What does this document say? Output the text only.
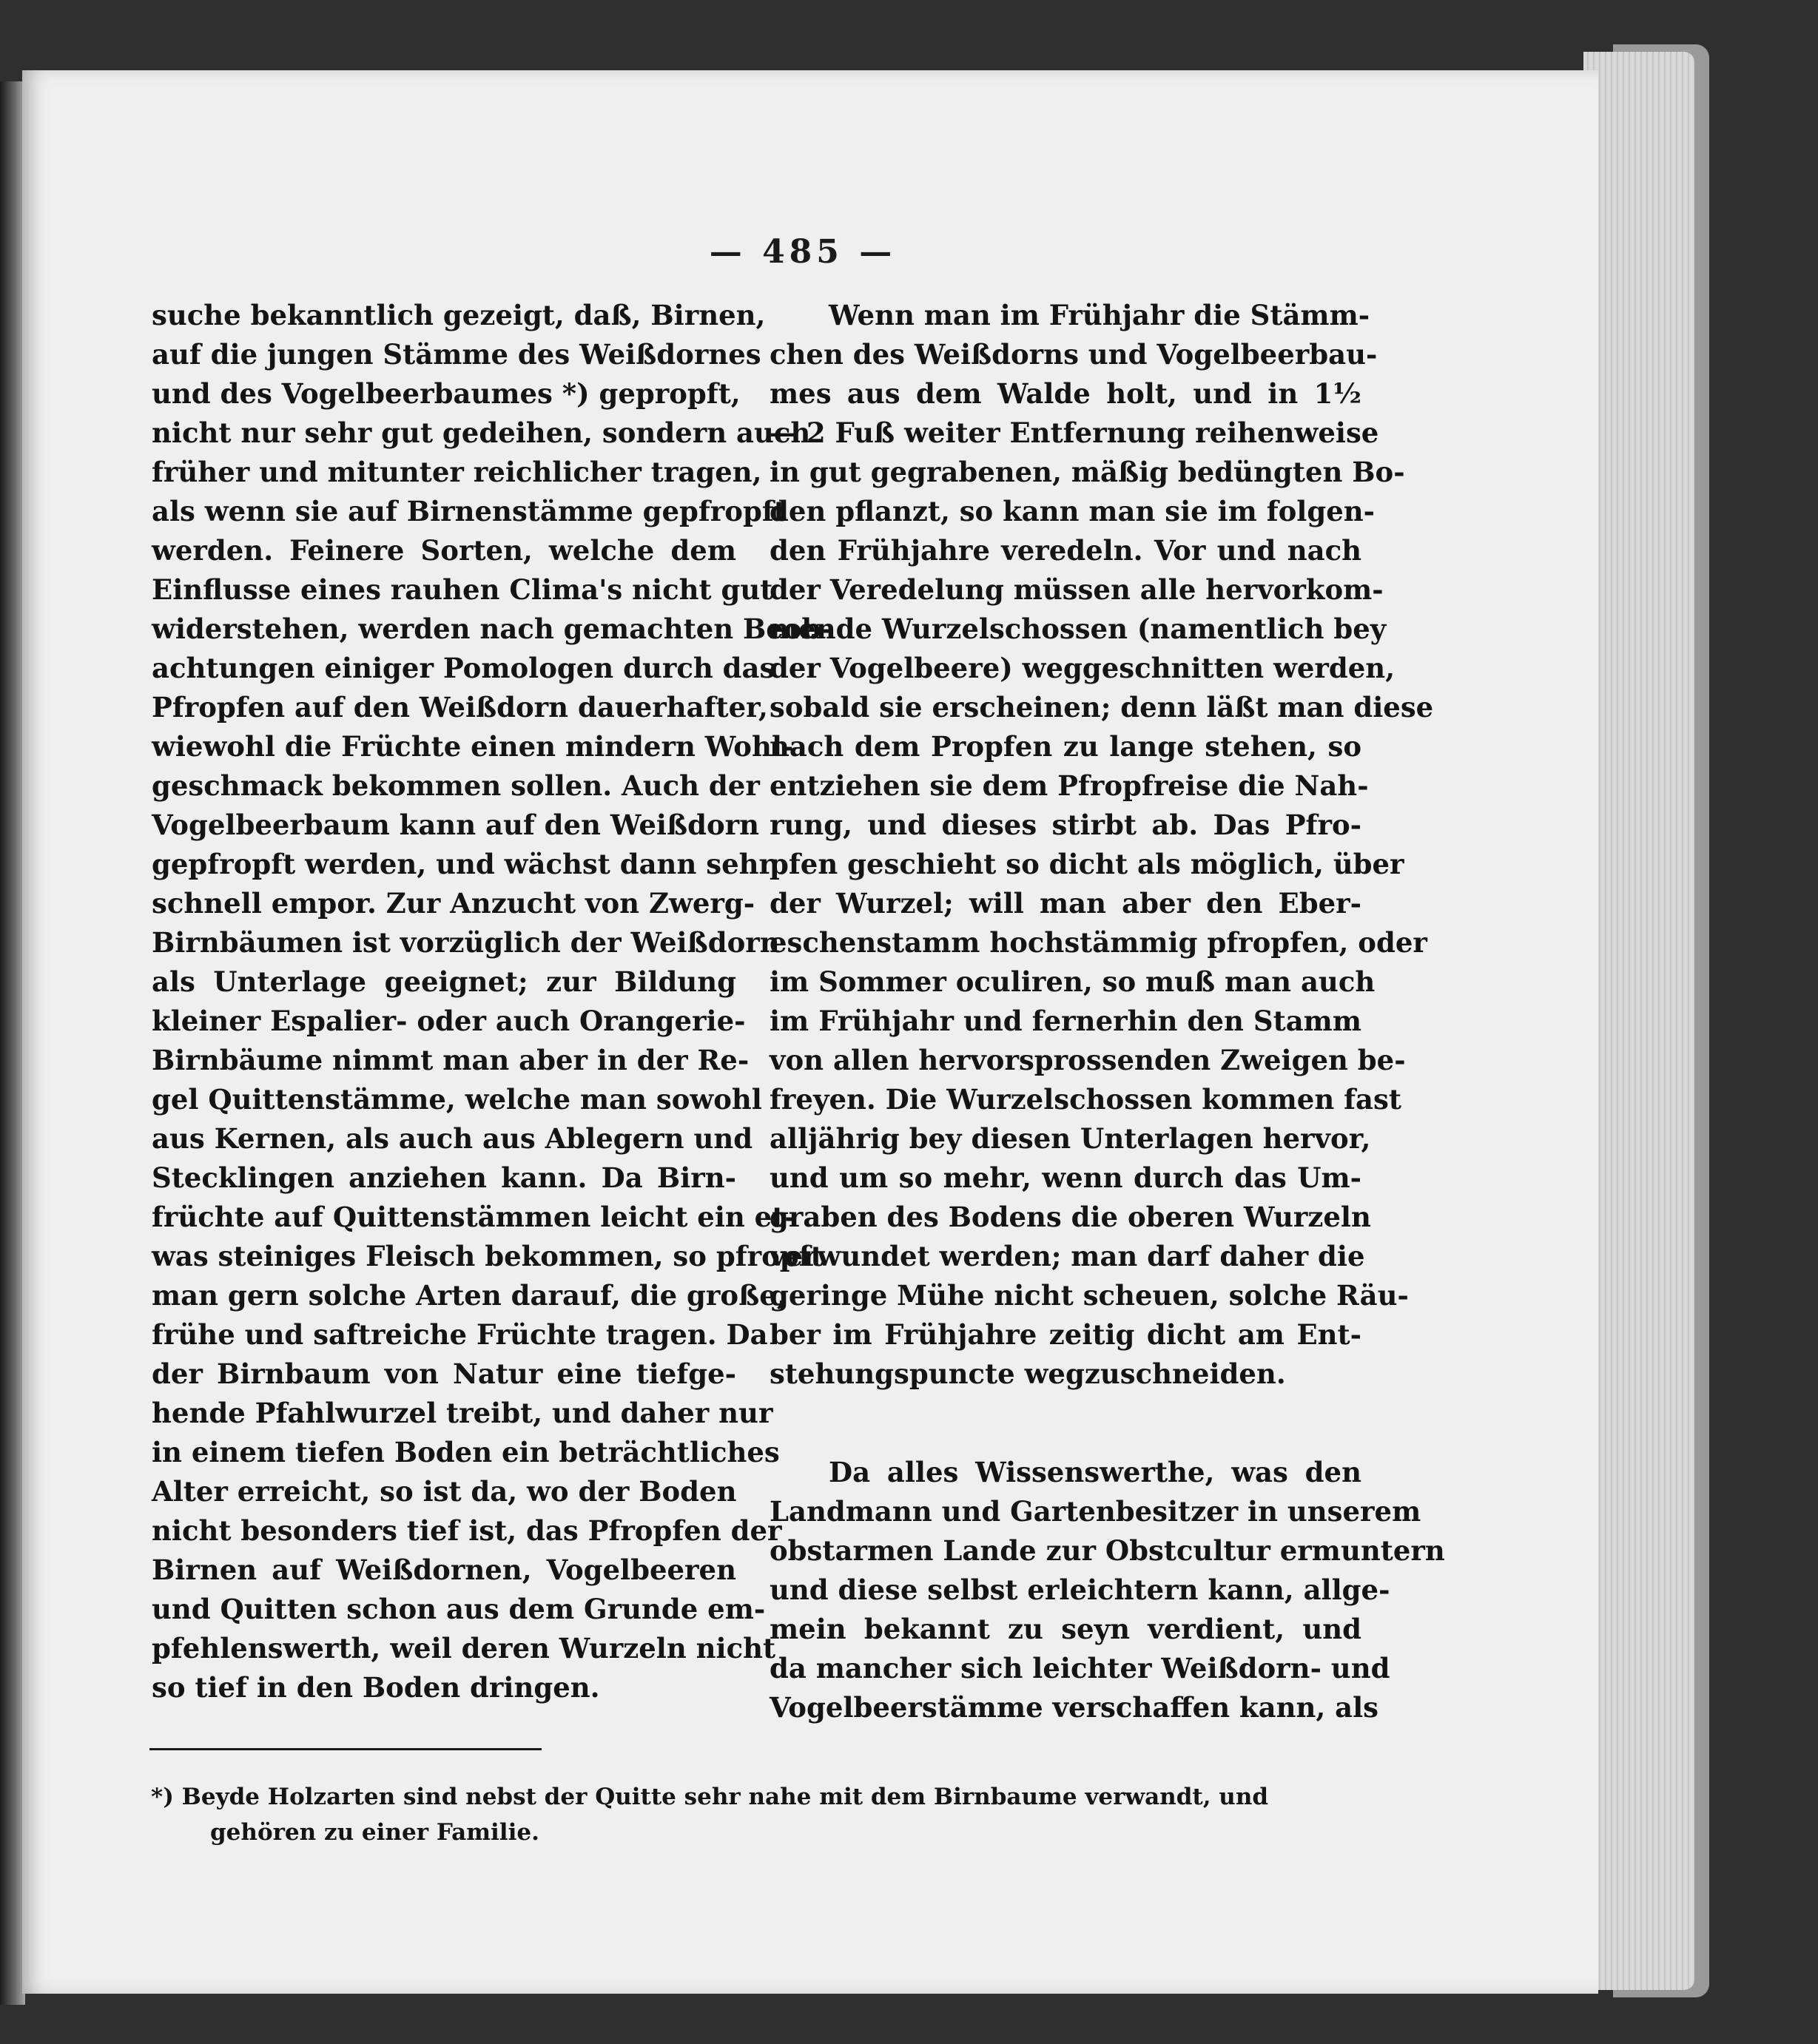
— 485 —
suche bekanntlich gezeigt, daß, Birnen,
auf die jungen Stämme des Weißdornes
und des Vogelbeerbaumes *) gepropft,
nicht nur sehr gut gedeihen, sondern auch
früher und mitunter reichlicher tragen,
als wenn sie auf Birnenstämme gepfropft
werden. Feinere Sorten, welche dem
Einflusse eines rauhen Clima's nicht gut
widerstehen, werden nach gemachten Beob-
achtungen einiger Pomologen durch das
Pfropfen auf den Weißdorn dauerhafter,
wiewohl die Früchte einen mindern Wohl-
geschmack bekommen sollen. Auch der
Vogelbeerbaum kann auf den Weißdorn
gepfropft werden, und wächst dann sehr
schnell empor. Zur Anzucht von Zwerg-
Birnbäumen ist vorzüglich der Weißdorn
als Unterlage geeignet; zur Bildung
kleiner Espalier- oder auch Orangerie-
Birnbäume nimmt man aber in der Re-
gel Quittenstämme, welche man sowohl
aus Kernen, als auch aus Ablegern und
Stecklingen anziehen kann. Da Birn-
früchte auf Quittenstämmen leicht ein et-
was steiniges Fleisch bekommen, so pfropft
man gern solche Arten darauf, die große,
frühe und saftreiche Früchte tragen. Da
der Birnbaum von Natur eine tiefge-
hende Pfahlwurzel treibt, und daher nur
in einem tiefen Boden ein beträchtliches
Alter erreicht, so ist da, wo der Boden
nicht besonders tief ist, das Pfropfen der
Birnen auf Weißdornen, Vogelbeeren
und Quitten schon aus dem Grunde em-
pfehlenswerth, weil deren Wurzeln nicht
so tief in den Boden dringen.
Wenn man im Frühjahr die Stämm-
chen des Weißdorns und Vogelbeerbau-
mes aus dem Walde holt, und in 1½
— 2 Fuß weiter Entfernung reihenweise
in gut gegrabenen, mäßig bedüngten Bo-
den pflanzt, so kann man sie im folgen-
den Frühjahre veredeln. Vor und nach
der Veredelung müssen alle hervorkom-
mende Wurzelschossen (namentlich bey
der Vogelbeere) weggeschnitten werden,
sobald sie erscheinen; denn läßt man diese
nach dem Propfen zu lange stehen, so
entziehen sie dem Pfropfreise die Nah-
rung, und dieses stirbt ab. Das Pfro-
pfen geschieht so dicht als möglich, über
der Wurzel; will man aber den Eber-
eschenstamm hochstämmig pfropfen, oder
im Sommer oculiren, so muß man auch
im Frühjahr und fernerhin den Stamm
von allen hervorsprossenden Zweigen be-
freyen. Die Wurzelschossen kommen fast
alljährig bey diesen Unterlagen hervor,
und um so mehr, wenn durch das Um-
graben des Bodens die oberen Wurzeln
verwundet werden; man darf daher die
geringe Mühe nicht scheuen, solche Räu-
ber im Frühjahre zeitig dicht am Ent-
stehungspuncte wegzuschneiden.
Da alles Wissenswerthe, was den
Landmann und Gartenbesitzer in unserem
obstarmen Lande zur Obstcultur ermuntern
und diese selbst erleichtern kann, allge-
mein bekannt zu seyn verdient, und
da mancher sich leichter Weißdorn- und
Vogelbeerstämme verschaffen kann, als
*) Beyde Holzarten sind nebst der Quitte sehr nahe mit dem Birnbaume verwandt, und
gehören zu einer Familie.
